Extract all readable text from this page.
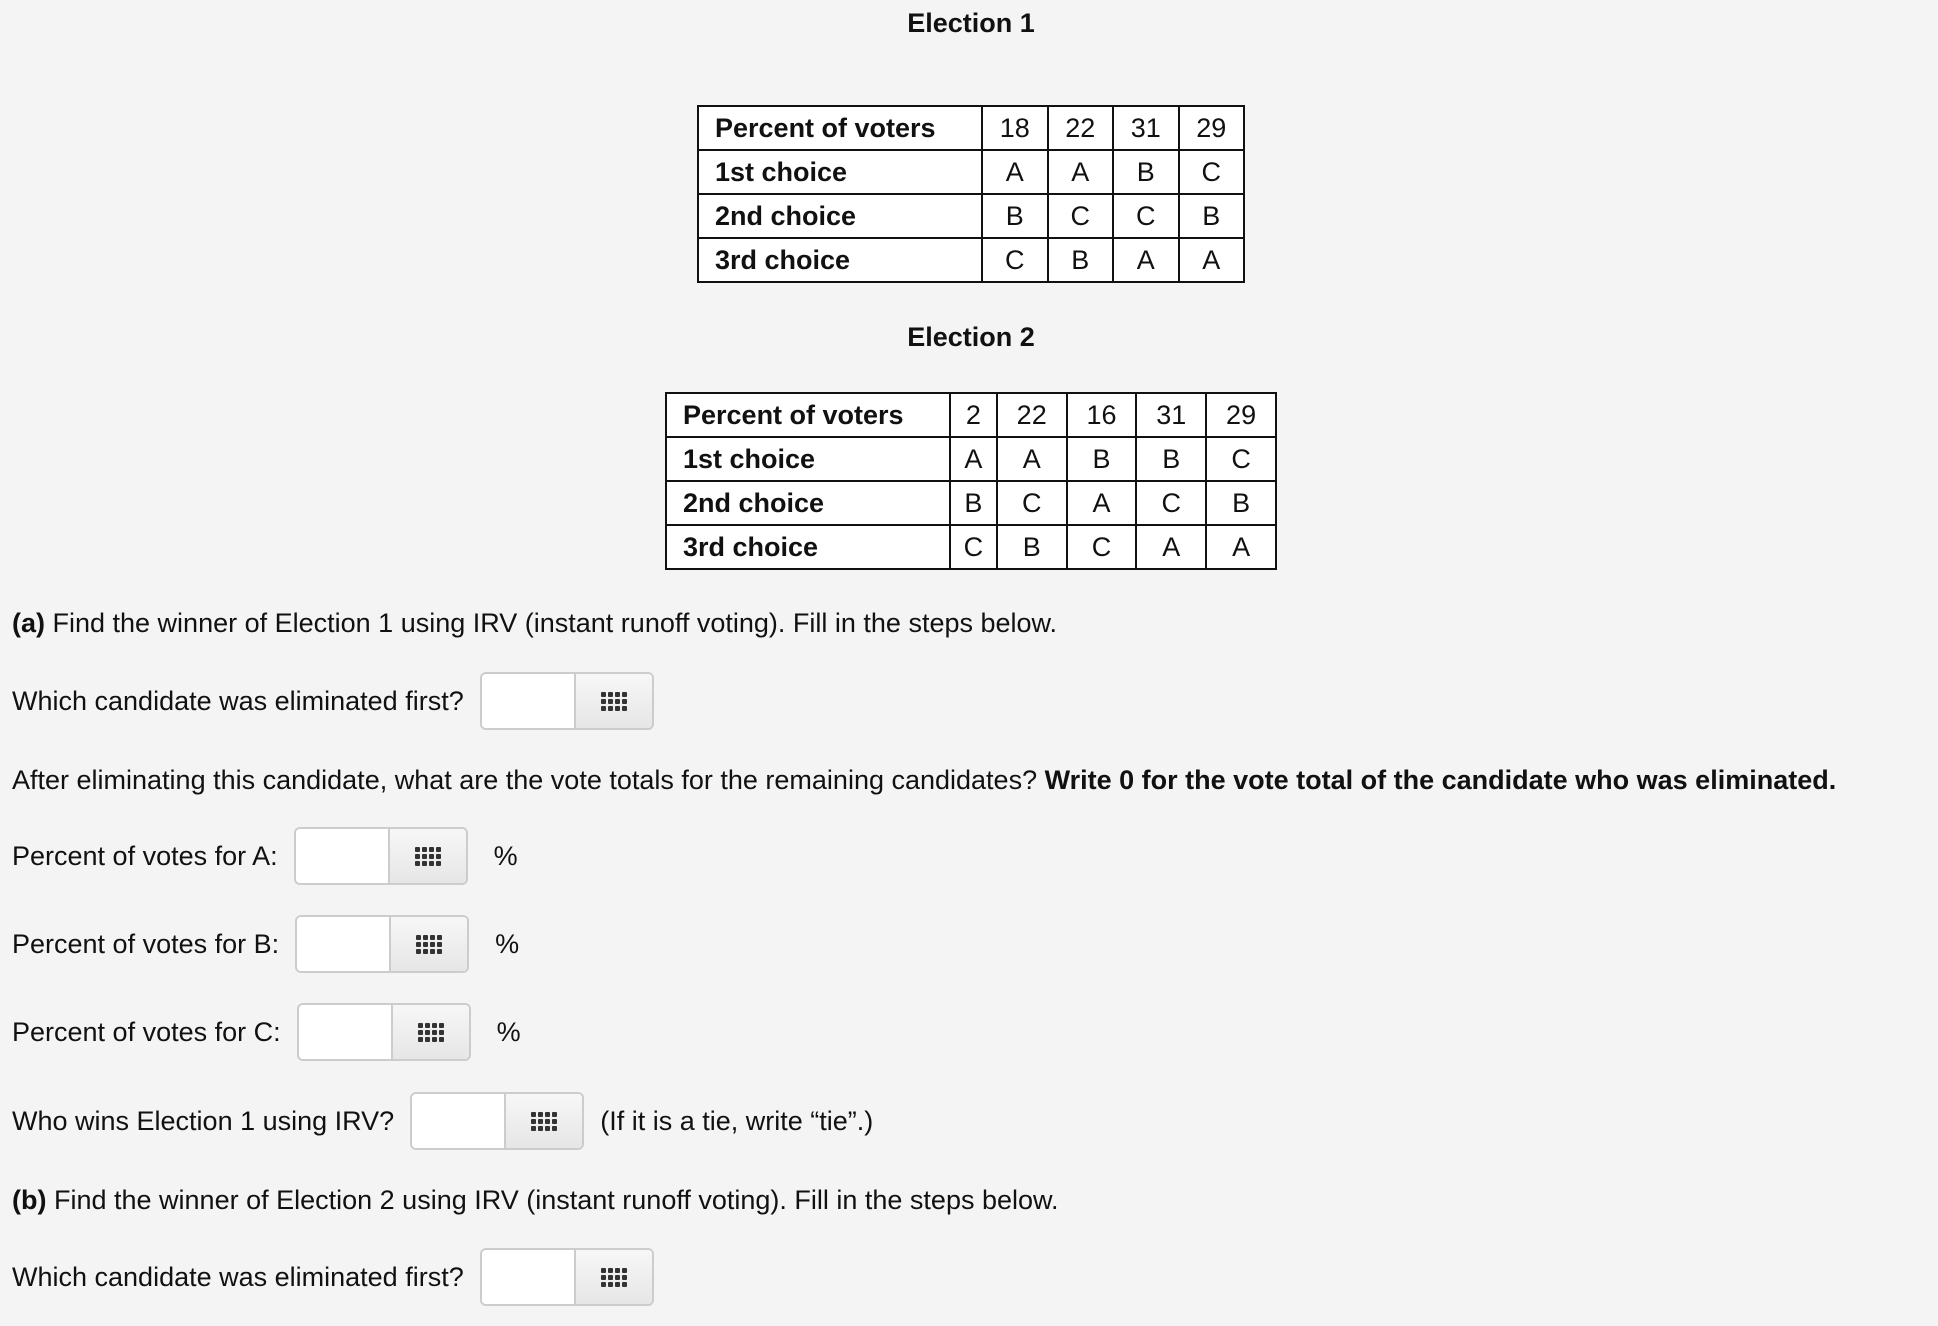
Election 1
Percent of voters	18	22	31	29
1st choice	A	A	B	C
2nd choice	B	C	C	B
3rd choice	C	B	A	A
Election 2
Percent of voters	2	22	16	31	29
1st choice	A	A	B	B	C
2nd choice	B	C	A	C	B
3rd choice	C	B	C	A	A
(a) Find the winner of Election 1 using IRV (instant runoff voting). Fill in the steps below.
Which candidate was eliminated first?
After eliminating this candidate, what are the vote totals for the remaining candidates? Write 0 for the vote total of the candidate who was eliminated.
Percent of votes for A:	%
Percent of votes for B:	%
Percent of votes for C:	%
Who wins Election 1 using IRV?	(If it is a tie, write “tie”.)
(b) Find the winner of Election 2 using IRV (instant runoff voting). Fill in the steps below.
Which candidate was eliminated first?
